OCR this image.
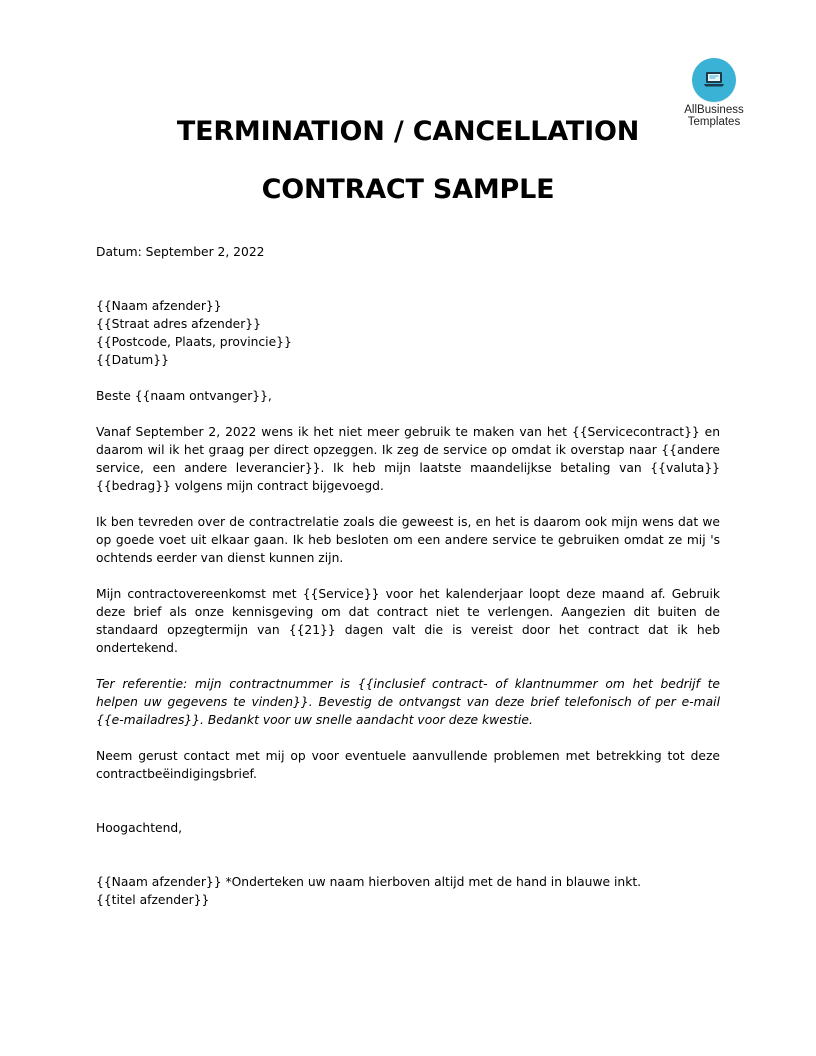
AllBusiness
Templates
TERMINATION / CANCELLATION
CONTRACT SAMPLE

Datum: September 2, 2022

{{Naam afzender}}

{{Straat adres afzender}}

{{Postcode, Plaats, provincie}}

{{Datum}}

Beste {{naam ontvanger}},

Vanaf September 2, 2022 wens ik het niet meer gebruik te maken van het {{Servicecontract}} en daarom wil ik het graag per direct opzeggen. Ik zeg de service op omdat ik overstap naar {{andere service, een andere leverancier}}. Ik heb mijn laatste maandelijkse betaling van {{valuta}} {{bedrag}} volgens mijn contract bijgevoegd.

Ik ben tevreden over de contractrelatie zoals die geweest is, en het is daarom ook mijn wens dat we op goede voet uit elkaar gaan. Ik heb besloten om een andere service te gebruiken omdat ze mij 's ochtends eerder van dienst kunnen zijn.

Mijn contractovereenkomst met {{Service}} voor het kalenderjaar loopt deze maand af. Gebruik deze brief als onze kennisgeving om dat contract niet te verlengen. Aangezien dit buiten de standaard opzegtermijn van {{21}} dagen valt die is vereist door het contract dat ik heb ondertekend.

Ter referentie: mijn contractnummer is {{inclusief contract- of klantnummer om het bedrijf te helpen uw gegevens te vinden}}. Bevestig de ontvangst van deze brief telefonisch of per e-mail {{e-mailadres}}. Bedankt voor uw snelle aandacht voor deze kwestie.

Neem gerust contact met mij op voor eventuele aanvullende problemen met betrekking tot deze contractbeëindigingsbrief.

Hoogachtend,

{{Naam afzender}} *Onderteken uw naam hierboven altijd met de hand in blauwe inkt.

{{titel afzender}}
